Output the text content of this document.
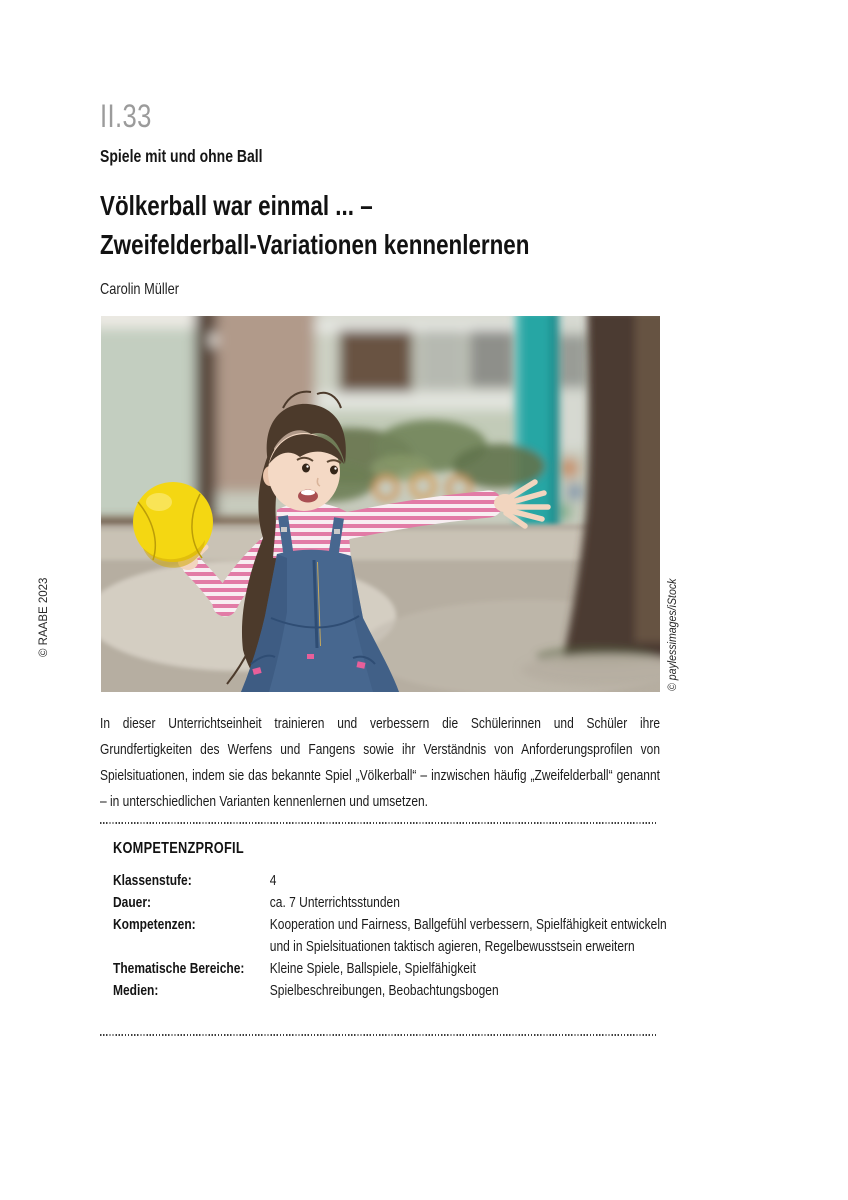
II.33
Spiele mit und ohne Ball
Völkerball war einmal ... –
Zweifelderball-Variationen kennenlernen
Carolin Müller
© RAABE 2023	© paylessimages/iStock
In dieser Unterrichtseinheit trainieren und verbessern die Schülerinnen und Schüler ihre Grundfertigkeiten des Werfens und Fangens sowie ihr Verständnis von Anforderungsprofilen von Spielsituationen, indem sie das bekannte Spiel „Völkerball“ – inzwischen häufig „Zweifelderball“ genannt – in unterschiedlichen Varianten kennenlernen und umsetzen.
KOMPETENZPROFIL
Klassenstufe:	4
Dauer:	ca. 7 Unterrichtsstunden
Kompetenzen:	Kooperation und Fairness, Ballgefühl verbessern, Spielfähigkeit entwickeln und in Spielsituationen taktisch agieren, Regelbewusstsein erweitern
Thematische Bereiche:	Kleine Spiele, Ballspiele, Spielfähigkeit
Medien:	Spielbeschreibungen, Beobachtungsbogen
